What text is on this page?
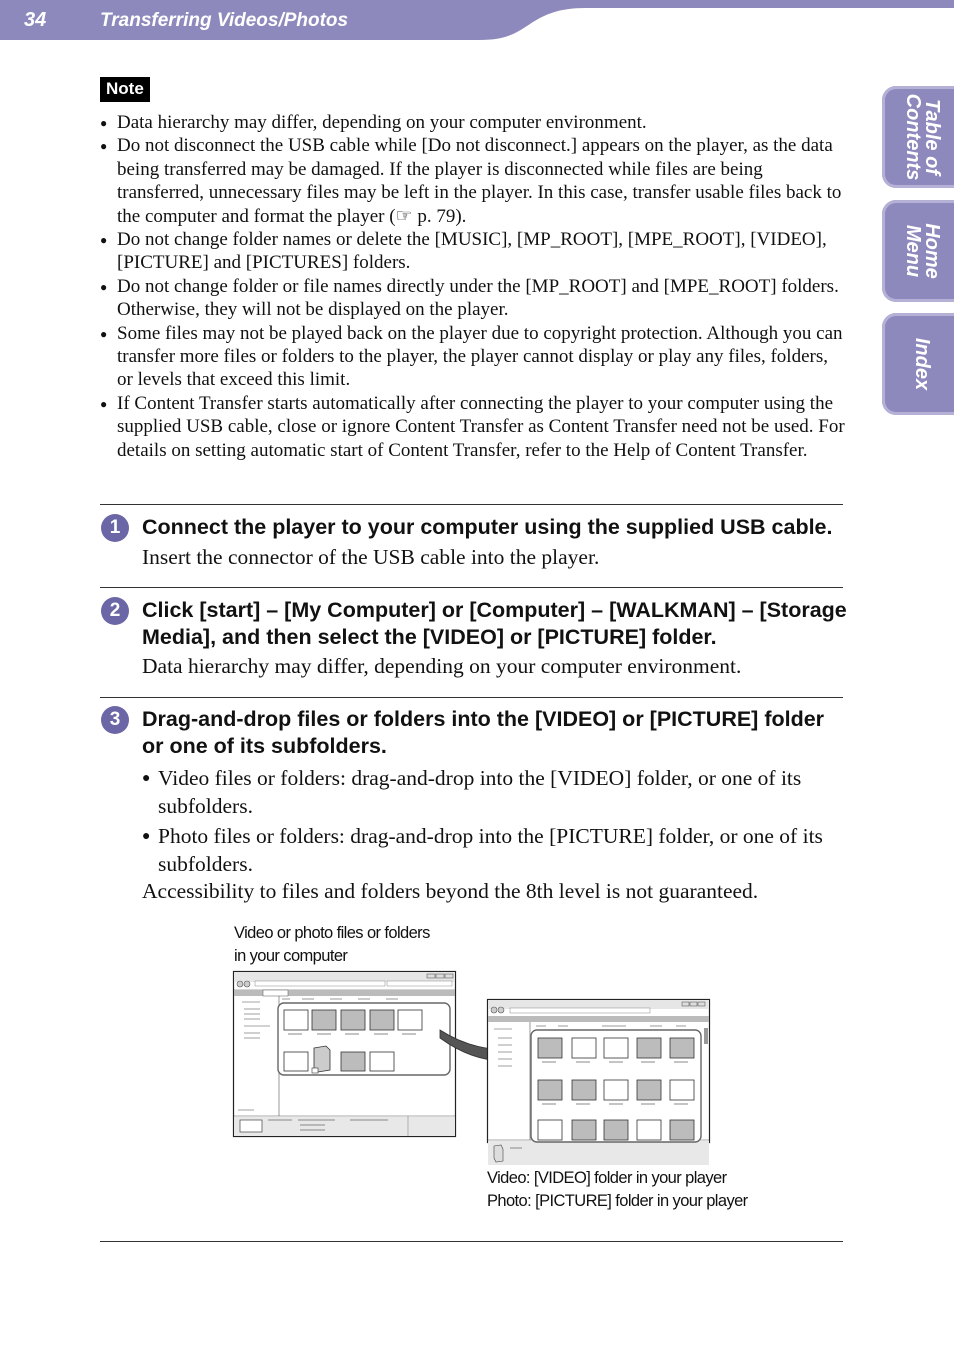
34	Transferring Videos/Photos
Table of
Contents
Home
Menu
Index
Note
● Data hierarchy may differ, depending on your computer environment.
● Do not disconnect the USB cable while [Do not disconnect.] appears on the player, as the data being transferred may be damaged. If the player is disconnected while files are being transferred, unnecessary files may be left in the player. In this case, transfer usable files back to the computer and format the player (☞ p. 79).
● Do not change folder names or delete the [MUSIC], [MP_ROOT], [MPE_ROOT], [VIDEO], [PICTURE] and [PICTURES] folders.
● Do not change folder or file names directly under the [MP_ROOT] and [MPE_ROOT] folders. Otherwise, they will not be displayed on the player.
● Some files may not be played back on the player due to copyright protection. Although you can transfer more files or folders to the player, the player cannot display or play any files, folders, or levels that exceed this limit.
● If Content Transfer starts automatically after connecting the player to your computer using the supplied USB cable, close or ignore Content Transfer as Content Transfer need not be used. For details on setting automatic start of Content Transfer, refer to the Help of Content Transfer.
1	Connect the player to your computer using the supplied USB cable.
Insert the connector of the USB cable into the player.
2	Click [start] – [My Computer] or [Computer] – [WALKMAN] – [Storage Media], and then select the [VIDEO] or [PICTURE] folder.
Data hierarchy may differ, depending on your computer environment.
3	Drag-and-drop files or folders into the [VIDEO] or [PICTURE] folder or one of its subfolders.
● Video files or folders: drag-and-drop into the [VIDEO] folder, or one of its subfolders.
● Photo files or folders: drag-and-drop into the [PICTURE] folder, or one of its subfolders.
Accessibility to files and folders beyond the 8th level is not guaranteed.
Video or photo files or folders
in your computer
Video: [VIDEO] folder in your player
Photo: [PICTURE] folder in your player
